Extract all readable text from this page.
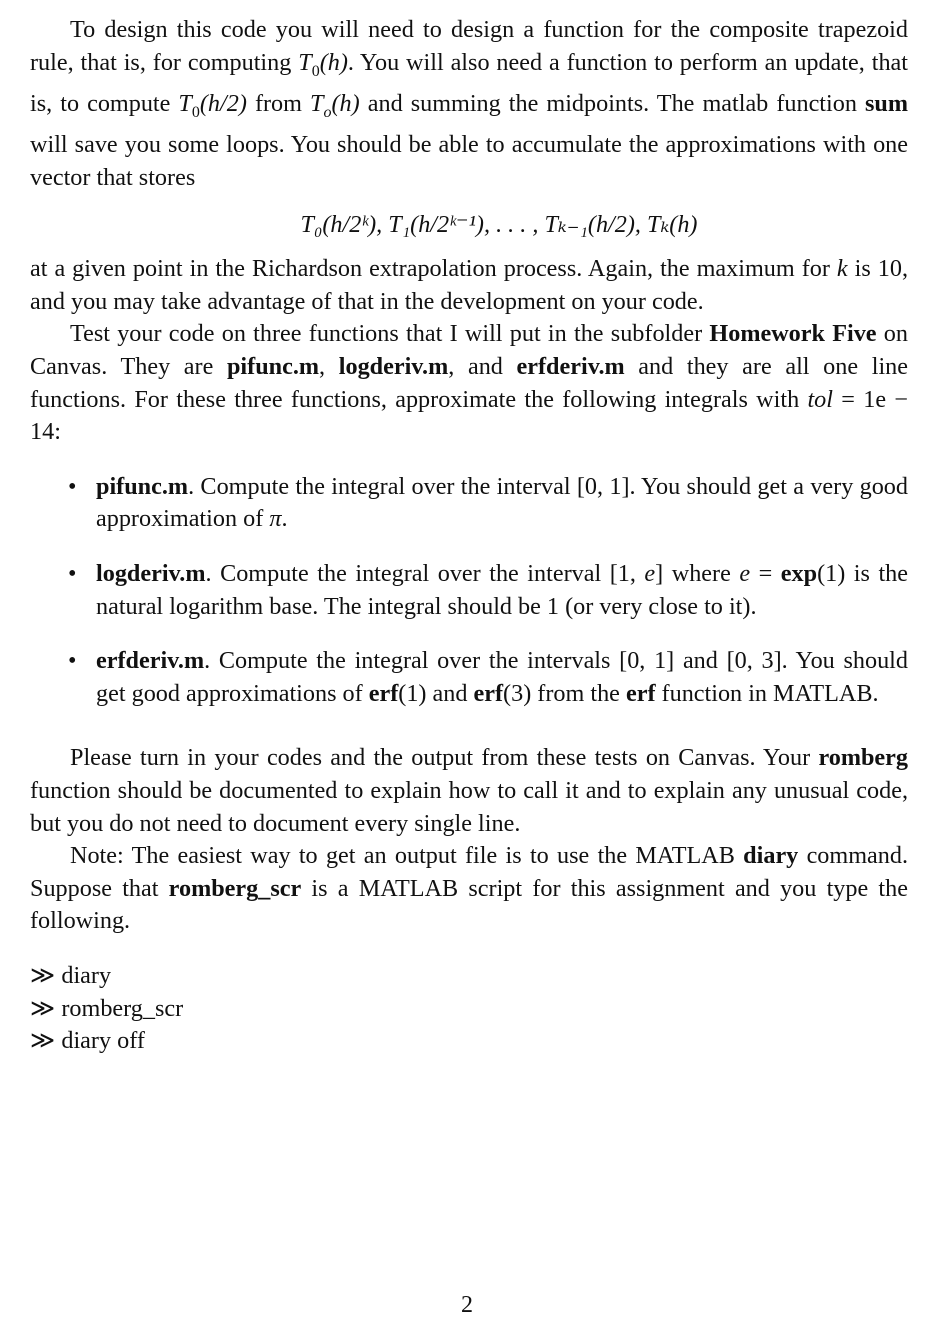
To design this code you will need to design a function for the composite trapezoid rule, that is, for computing $T_0(h)$. You will also need a function to perform an update, that is, to compute $T_0(h/2)$ from $T_o(h)$ and summing the midpoints. The matlab function sum will save you some loops. You should be able to accumulate the approximations with one vector that stores

T₀(h/2ᵏ), T₁(h/2ᵏ⁻¹), . . . , Tₖ₋₁(h/2), Tₖ(h)

at a given point in the Richardson extrapolation process. Again, the maximum for k is 10, and you may take advantage of that in the development on your code.

Test your code on three functions that I will put in the subfolder Homework Five on Canvas. They are pifunc.m, logderiv.m, and erfderiv.m and they are all one line functions. For these three functions, approximate the following integrals with tol = 1e − 14:

• pifunc.m. Compute the integral over the interval [0, 1]. You should get a very good approximation of π.
• logderiv.m. Compute the integral over the interval [1, e] where e = exp(1) is the natural logarithm base. The integral should be 1 (or very close to it).
• erfderiv.m. Compute the integral over the intervals [0, 1] and [0, 3]. You should get good approximations of erf(1) and erf(3) from the erf function in MATLAB.

Please turn in your codes and the output from these tests on Canvas. Your romberg function should be documented to explain how to call it and to explain any unusual code, but you do not need to document every single line.

Note: The easiest way to get an output file is to use the MATLAB diary command. Suppose that romberg_scr is a MATLAB script for this assignment and you type the following.

≫ diary
≫ romberg_scr
≫ diary off
2
